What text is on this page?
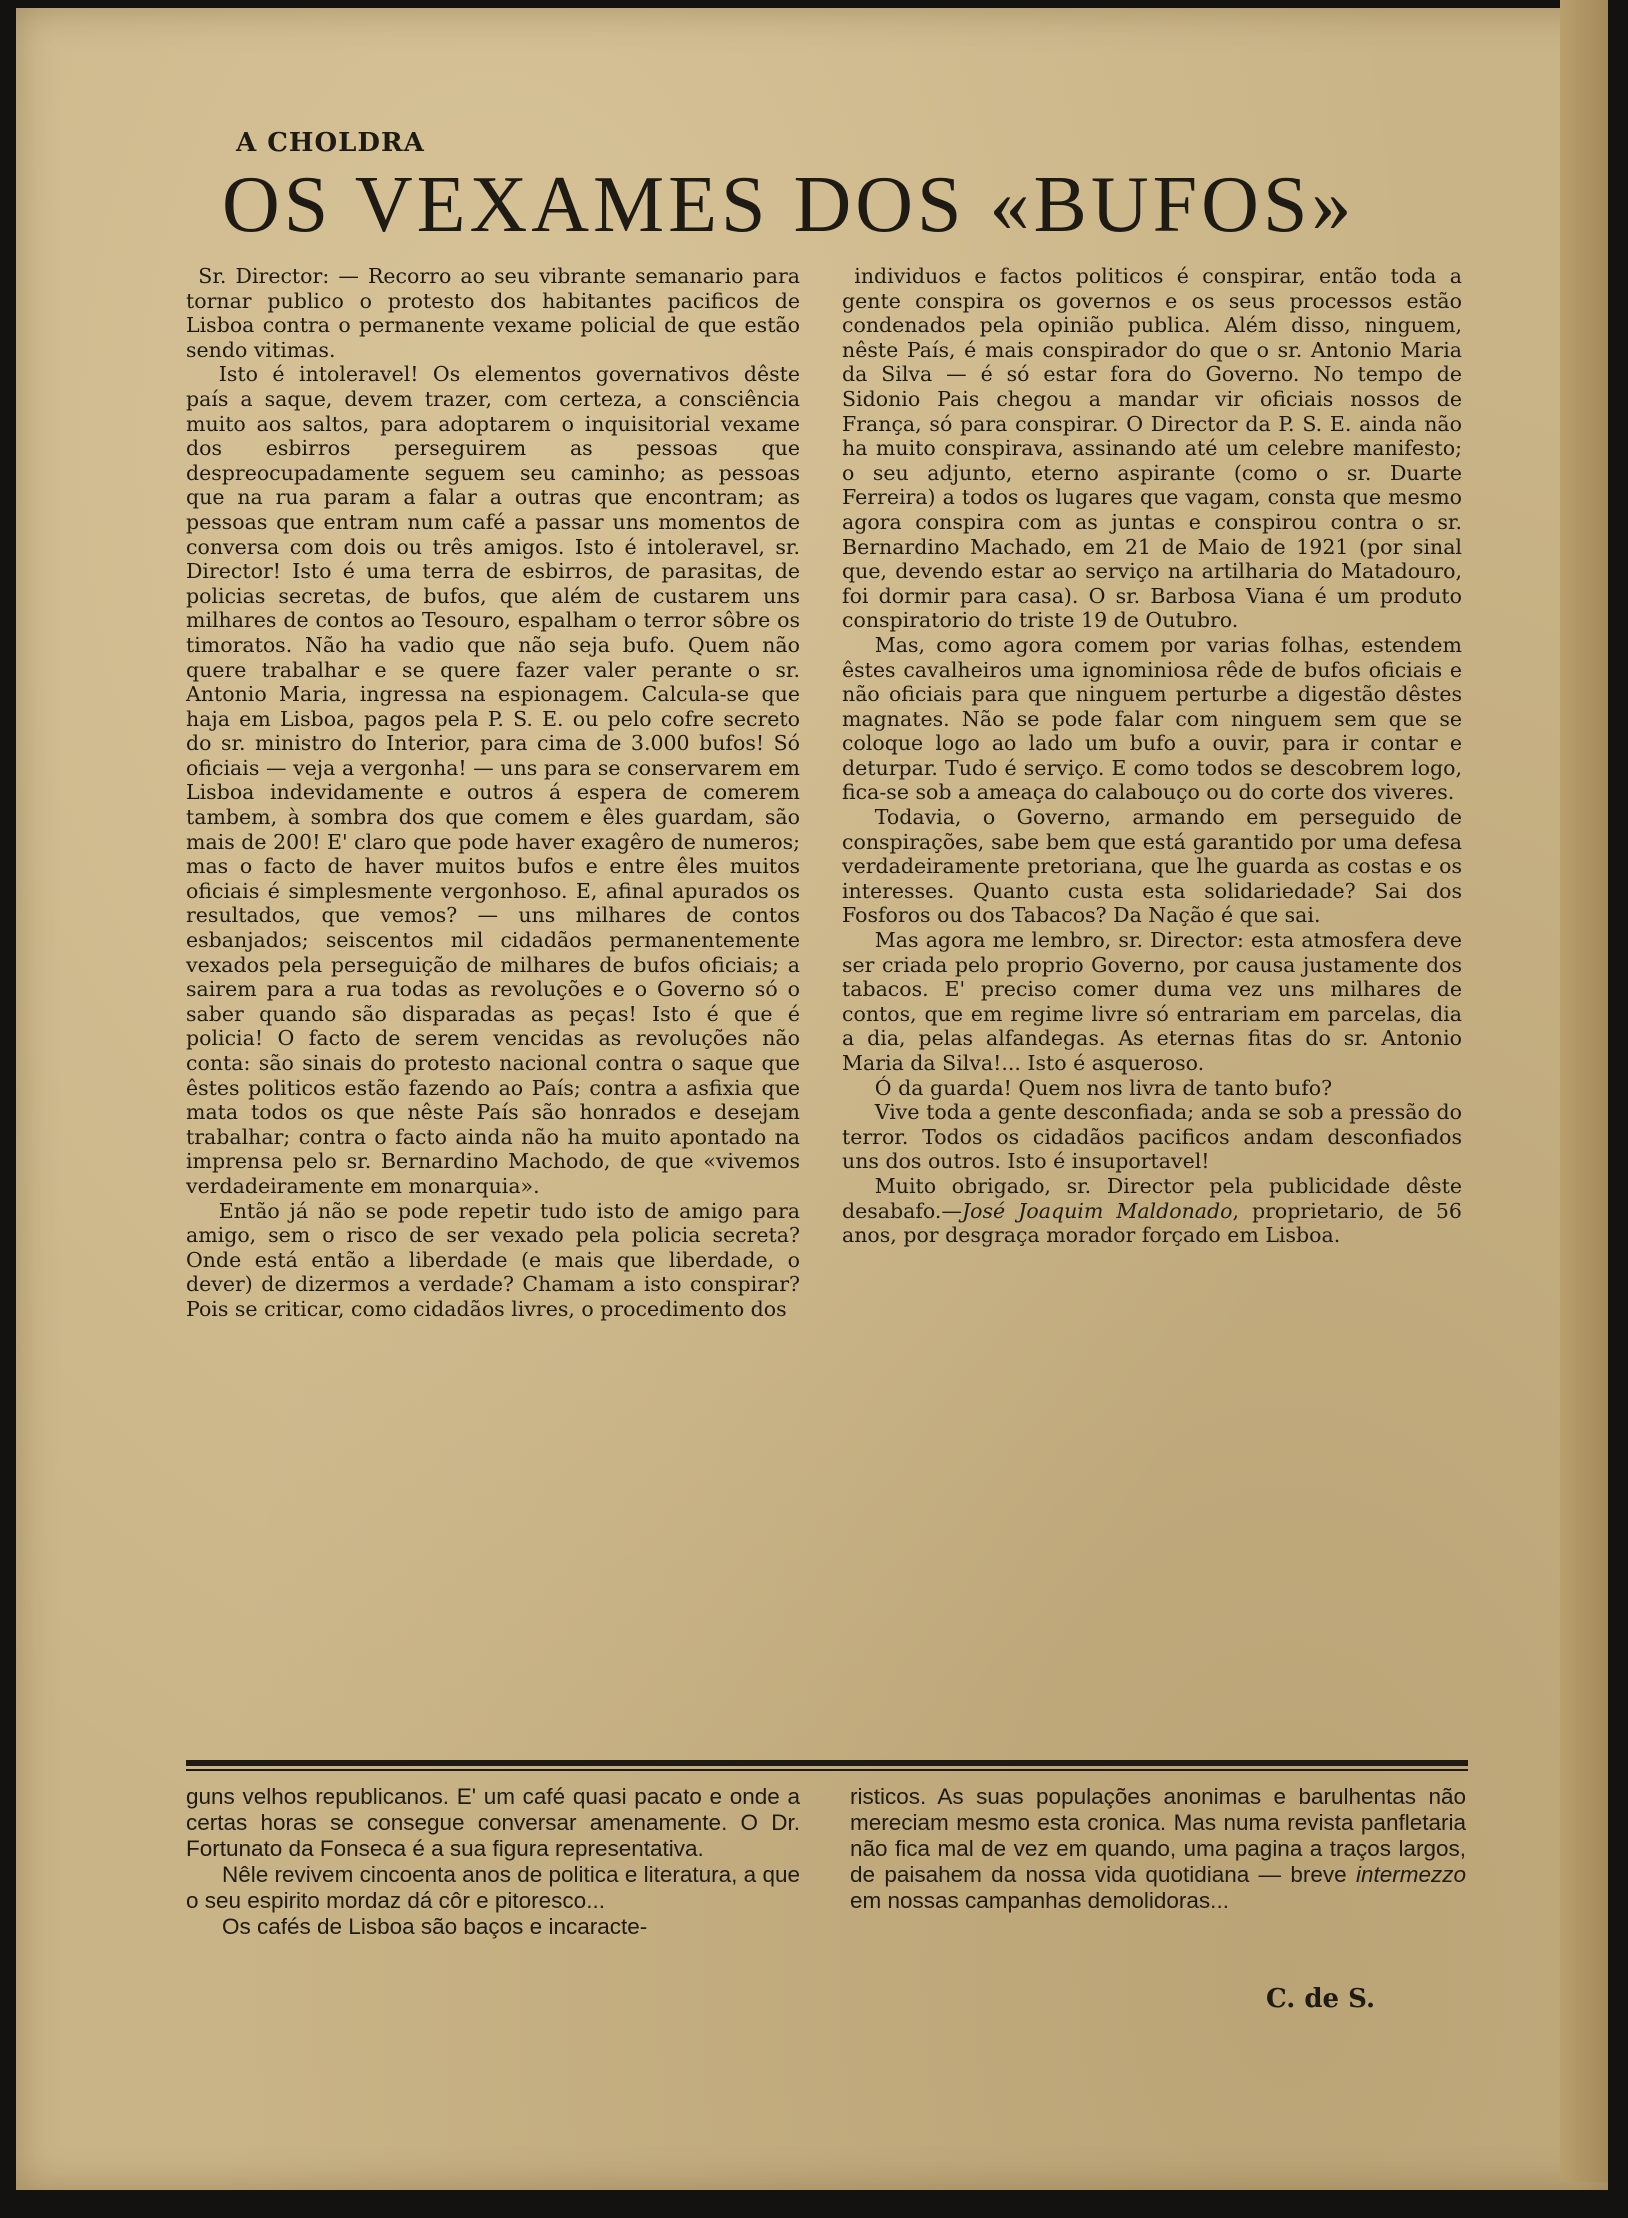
A CHOLDRA
OS VEXAMES DOS «BUFOS»

Sr. Director: — Recorro ao seu vibrante semanario para tornar publico o protesto dos habitantes pacificos de Lisboa contra o permanente vexame policial de que estão sendo vitimas.

Isto é intoleravel! Os elementos governativos dêste país a saque, devem trazer, com certeza, a consciência muito aos saltos, para adoptarem o inquisitorial vexame dos esbirros perseguirem as pessoas que despreocupadamente seguem seu caminho; as pessoas que na rua param a falar a outras que encontram; as pessoas que entram num café a passar uns momentos de conversa com dois ou três amigos. Isto é intoleravel, sr. Director! Isto é uma terra de esbirros, de parasitas, de policias secretas, de bufos, que além de custarem uns milhares de contos ao Tesouro, espalham o terror sôbre os timoratos. Não ha vadio que não seja bufo. Quem não quere trabalhar e se quere fazer valer perante o sr. Antonio Maria, ingressa na espionagem. Calcula-se que haja em Lisboa, pagos pela P. S. E. ou pelo cofre secreto do sr. ministro do Interior, para cima de 3.000 bufos! Só oficiais — veja a vergonha! — uns para se conservarem em Lisboa indevidamente e outros á espera de comerem tambem, à sombra dos que comem e êles guardam, são mais de 200! E' claro que pode haver exagêro de numeros; mas o facto de haver muitos bufos e entre êles muitos oficiais é simplesmente vergonhoso. E, afinal apurados os resultados, que vemos? — uns milhares de contos esbanjados; seiscentos mil cidadãos permanentemente vexados pela perseguição de milhares de bufos oficiais; a sairem para a rua todas as revoluções e o Governo só o saber quando são disparadas as peças! Isto é que é policia! O facto de serem vencidas as revoluções não conta: são sinais do protesto nacional contra o saque que êstes politicos estão fazendo ao País; contra a asfixia que mata todos os que nêste País são honrados e desejam trabalhar; contra o facto ainda não ha muito apontado na imprensa pelo sr. Bernardino Machodo, de que «vivemos verdadeiramente em monarquia».

Então já não se pode repetir tudo isto de amigo para amigo, sem o risco de ser vexado pela policia secreta? Onde está então a liberdade (e mais que liberdade, o dever) de dizermos a verdade? Chamam a isto conspirar? Pois se criticar, como cidadãos livres, o procedimento dos

individuos e factos politicos é conspirar, então toda a gente conspira os governos e os seus processos estão condenados pela opinião publica. Além disso, ninguem, nêste País, é mais conspirador do que o sr. Antonio Maria da Silva — é só estar fora do Governo. No tempo de Sidonio Pais chegou a mandar vir oficiais nossos de França, só para conspirar. O Director da P. S. E. ainda não ha muito conspirava, assinando até um celebre manifesto; o seu adjunto, eterno aspirante (como o sr. Duarte Ferreira) a todos os lugares que vagam, consta que mesmo agora conspira com as juntas e conspirou contra o sr. Bernardino Machado, em 21 de Maio de 1921 (por sinal que, devendo estar ao serviço na artilharia do Matadouro, foi dormir para casa). O sr. Barbosa Viana é um produto conspiratorio do triste 19 de Outubro.

Mas, como agora comem por varias folhas, estendem êstes cavalheiros uma ignominiosa rêde de bufos oficiais e não oficiais para que ninguem perturbe a digestão dêstes magnates. Não se pode falar com ninguem sem que se coloque logo ao lado um bufo a ouvir, para ir contar e deturpar. Tudo é serviço. E como todos se descobrem logo, fica-se sob a ameaça do calabouço ou do corte dos viveres.

Todavia, o Governo, armando em perseguido de conspirações, sabe bem que está garantido por uma defesa verdadeiramente pretoriana, que lhe guarda as costas e os interesses. Quanto custa esta solidariedade? Sai dos Fosforos ou dos Tabacos? Da Nação é que sai.

Mas agora me lembro, sr. Director: esta atmosfera deve ser criada pelo proprio Governo, por causa justamente dos tabacos. E' preciso comer duma vez uns milhares de contos, que em regime livre só entrariam em parcelas, dia a dia, pelas alfandegas. As eternas fitas do sr. Antonio Maria da Silva!... Isto é asqueroso.

Ó da guarda! Quem nos livra de tanto bufo?

Vive toda a gente desconfiada; anda se sob a pressão do terror. Todos os cidadãos pacificos andam desconfiados uns dos outros. Isto é insuportavel!

Muito obrigado, sr. Director pela publicidade dêste desabafo.—José Joaquim Maldonado, proprietario, de 56 anos, por desgraça morador forçado em Lisboa.

guns velhos republicanos. E' um café quasi pacato e onde a certas horas se consegue conversar amenamente. O Dr. Fortunato da Fonseca é a sua figura representativa.

Nêle revivem cincoenta anos de politica e literatura, a que o seu espirito mordaz dá côr e pitoresco...

Os cafés de Lisboa são baços e incaracte-

risticos. As suas populações anonimas e barulhentas não mereciam mesmo esta cronica. Mas numa revista panfletaria não fica mal de vez em quando, uma pagina a traços largos, de paisahem da nossa vida quotidiana — breve intermezzo em nossas campanhas demolidoras...

C. de S.
